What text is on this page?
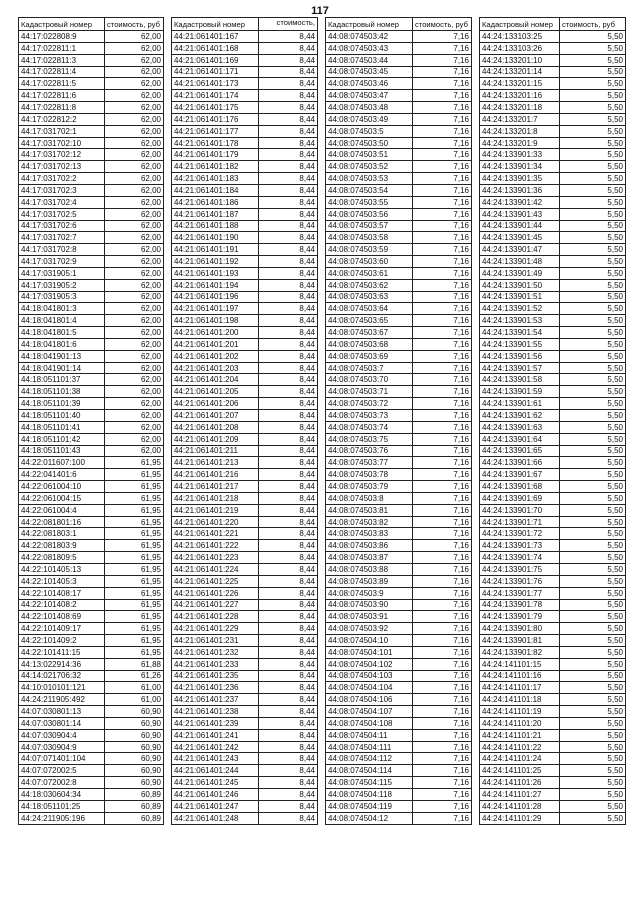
117
Кадастровый номер	стоимость, руб
44:17:022808:9	62,00
44:17:022811:1	62,00
44:17:022811:3	62,00
44:17:022811:4	62,00
44:17:022811:5	62,00
44:17:022811:6	62,00
44:17:022811:8	62,00
44:17:022812:2	62,00
44:17:031702:1	62,00
44:17:031702:10	62,00
44:17:031702:12	62,00
44:17:031702:13	62,00
44:17:031702:2	62,00
44:17:031702:3	62,00
44:17:031702:4	62,00
44:17:031702:5	62,00
44:17:031702:6	62,00
44:17:031702:7	62,00
44:17:031702:8	62,00
44:17:031702:9	62,00
44:17:031905:1	62,00
44:17:031905:2	62,00
44:17:031905:3	62,00
44:18:041801:3	62,00
44:18:041801:4	62,00
44:18:041801:5	62,00
44:18:041801:6	62,00
44:18:041901:13	62,00
44:18:041901:14	62,00
44:18:051101:37	62,00
44:18:051101:38	62,00
44:18:051101:39	62,00
44:18:051101:40	62,00
44:18:051101:41	62,00
44:18:051101:42	62,00
44:18:051101:43	62,00
44:22:011607:100	61,95
44:22:041401:6	61,95
44:22:061004:10	61,95
44:22:061004:15	61,95
44:22:061004:4	61,95
44:22:081801:16	61,95
44:22:081803:1	61,95
44:22:081803:9	61,95
44:22:081809:5	61,95
44:22:101405:13	61,95
44:22:101405:3	61,95
44:22:101408:17	61,95
44:22:101408:2	61,95
44:22:101408:69	61,95
44:22:101409:17	61,95
44:22:101409:2	61,95
44:22:101411:15	61,95
44:13:022914:36	61,88
44:14:021706:32	61,26
44:10:010101:121	61,00
44:24:211905:492	61,00
44:07:030801:13	60,90
44:07:030801:14	60,90
44:07:030904:4	60,90
44:07:030904:9	60,90
44:07:071401:104	60,90
44:07:072002:5	60,90
44:07:072002:8	60,90
44:18:030604:34	60,89
44:18:051101:25	60,89
44:24:211905:196	60,89
Кадастровый номер	стоимость,
44:21:061401:167	8,44
44:21:061401:168	8,44
44:21:061401:169	8,44
44:21:061401:171	8,44
44:21:061401:173	8,44
44:21:061401:174	8,44
44:21:061401:175	8,44
44:21:061401:176	8,44
44:21:061401:177	8,44
44:21:061401:178	8,44
44:21:061401:179	8,44
44:21:061401:182	8,44
44:21:061401:183	8,44
44:21:061401:184	8,44
44:21:061401:186	8,44
44:21:061401:187	8,44
44:21:061401:188	8,44
44:21:061401:190	8,44
44:21:061401:191	8,44
44:21:061401:192	8,44
44:21:061401:193	8,44
44:21:061401:194	8,44
44:21:061401:196	8,44
44:21:061401:197	8,44
44:21:061401:198	8,44
44:21:061401:200	8,44
44:21:061401:201	8,44
44:21:061401:202	8,44
44:21:061401:203	8,44
44:21:061401:204	8,44
44:21:061401:205	8,44
44:21:061401:206	8,44
44:21:061401:207	8,44
44:21:061401:208	8,44
44:21:061401:209	8,44
44:21:061401:211	8,44
44:21:061401:213	8,44
44:21:061401:216	8,44
44:21:061401:217	8,44
44:21:061401:218	8,44
44:21:061401:219	8,44
44:21:061401:220	8,44
44:21:061401:221	8,44
44:21:061401:222	8,44
44:21:061401:223	8,44
44:21:061401:224	8,44
44:21:061401:225	8,44
44:21:061401:226	8,44
44:21:061401:227	8,44
44:21:061401:228	8,44
44:21:061401:229	8,44
44:21:061401:231	8,44
44:21:061401:232	8,44
44:21:061401:233	8,44
44:21:061401:235	8,44
44:21:061401:236	8,44
44:21:061401:237	8,44
44:21:061401:238	8,44
44:21:061401:239	8,44
44:21:061401:241	8,44
44:21:061401:242	8,44
44:21:061401:243	8,44
44:21:061401:244	8,44
44:21:061401:245	8,44
44:21:061401:246	8,44
44:21:061401:247	8,44
44:21:061401:248	8,44
Кадастровый номер	стоимость, руб
44:08:074503:42	7,16
44:08:074503:43	7,16
44:08:074503:44	7,16
44:08:074503:45	7,16
44:08:074503:46	7,16
44:08:074503:47	7,16
44:08:074503:48	7,16
44:08:074503:49	7,16
44:08:074503:5	7,16
44:08:074503:50	7,16
44:08:074503:51	7,16
44:08:074503:52	7,16
44:08:074503:53	7,16
44:08:074503:54	7,16
44:08:074503:55	7,16
44:08:074503:56	7,16
44:08:074503:57	7,16
44:08:074503:58	7,16
44:08:074503:59	7,16
44:08:074503:60	7,16
44:08:074503:61	7,16
44:08:074503:62	7,16
44:08:074503:63	7,16
44:08:074503:64	7,16
44:08:074503:65	7,16
44:08:074503:67	7,16
44:08:074503:68	7,16
44:08:074503:69	7,16
44:08:074503:7	7,16
44:08:074503:70	7,16
44:08:074503:71	7,16
44:08:074503:72	7,16
44:08:074503:73	7,16
44:08:074503:74	7,16
44:08:074503:75	7,16
44:08:074503:76	7,16
44:08:074503:77	7,16
44:08:074503:78	7,16
44:08:074503:79	7,16
44:08:074503:8	7,16
44:08:074503:81	7,16
44:08:074503:82	7,16
44:08:074503:83	7,16
44:08:074503:86	7,16
44:08:074503:87	7,16
44:08:074503:88	7,16
44:08:074503:89	7,16
44:08:074503:9	7,16
44:08:074503:90	7,16
44:08:074503:91	7,16
44:08:074503:92	7,16
44:08:074504:10	7,16
44:08:074504:101	7,16
44:08:074504:102	7,16
44:08:074504:103	7,16
44:08:074504:104	7,16
44:08:074504:106	7,16
44:08:074504:107	7,16
44:08:074504:108	7,16
44:08:074504:11	7,16
44:08:074504:111	7,16
44:08:074504:112	7,16
44:08:074504:114	7,16
44:08:074504:115	7,16
44:08:074504:118	7,16
44:08:074504:119	7,16
44:08:074504:12	7,16
Кадастровый номер	стоимость, руб
44:24:133103:25	5,50
44:24:133103:26	5,50
44:24:133201:10	5,50
44:24:133201:14	5,50
44:24:133201:15	5,50
44:24:133201:16	5,50
44:24:133201:18	5,50
44:24:133201:7	5,50
44:24:133201:8	5,50
44:24:133201:9	5,50
44:24:133901:33	5,50
44:24:133901:34	5,50
44:24:133901:35	5,50
44:24:133901:36	5,50
44:24:133901:42	5,50
44:24:133901:43	5,50
44:24:133901:44	5,50
44:24:133901:45	5,50
44:24:133901:47	5,50
44:24:133901:48	5,50
44:24:133901:49	5,50
44:24:133901:50	5,50
44:24:133901:51	5,50
44:24:133901:52	5,50
44:24:133901:53	5,50
44:24:133901:54	5,50
44:24:133901:55	5,50
44:24:133901:56	5,50
44:24:133901:57	5,50
44:24:133901:58	5,50
44:24:133901:59	5,50
44:24:133901:61	5,50
44:24:133901:62	5,50
44:24:133901:63	5,50
44:24:133901:64	5,50
44:24:133901:65	5,50
44:24:133901:66	5,50
44:24:133901:67	5,50
44:24:133901:68	5,50
44:24:133901:69	5,50
44:24:133901:70	5,50
44:24:133901:71	5,50
44:24:133901:72	5,50
44:24:133901:73	5,50
44:24:133901:74	5,50
44:24:133901:75	5,50
44:24:133901:76	5,50
44:24:133901:77	5,50
44:24:133901:78	5,50
44:24:133901:79	5,50
44:24:133901:80	5,50
44:24:133901:81	5,50
44:24:133901:82	5,50
44:24:141101:15	5,50
44:24:141101:16	5,50
44:24:141101:17	5,50
44:24:141101:18	5,50
44:24:141101:19	5,50
44:24:141101:20	5,50
44:24:141101:21	5,50
44:24:141101:22	5,50
44:24:141101:24	5,50
44:24:141101:25	5,50
44:24:141101:26	5,50
44:24:141101:27	5,50
44:24:141101:28	5,50
44:24:141101:29	5,50
